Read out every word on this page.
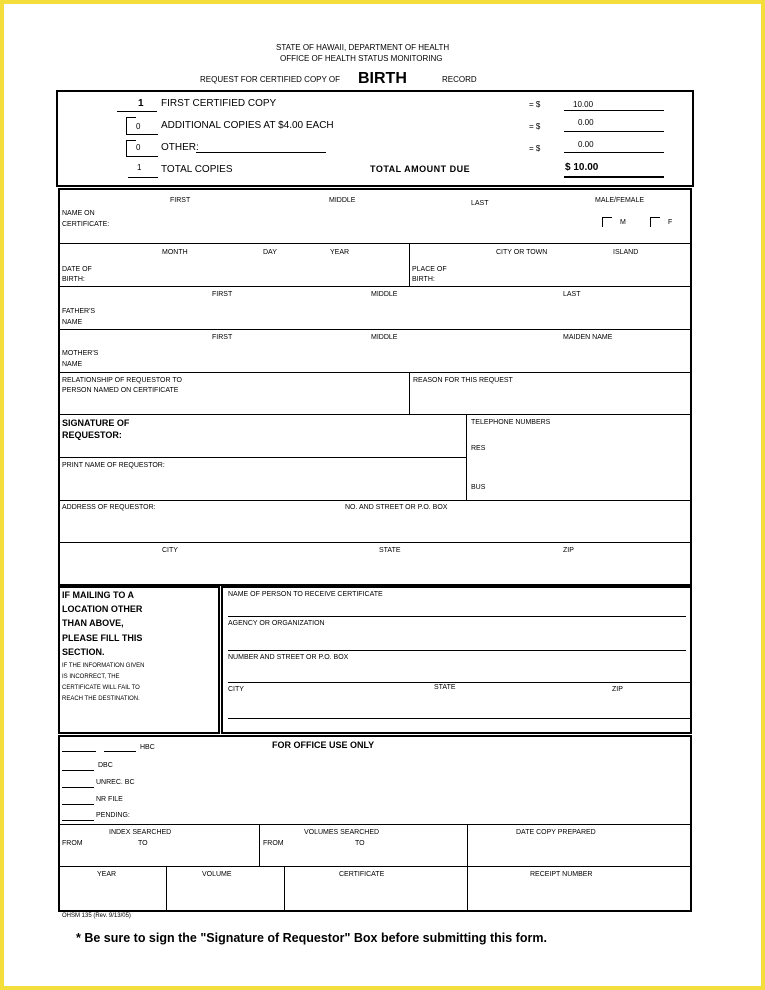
STATE OF HAWAII, DEPARTMENT OF HEALTH
OFFICE OF HEALTH STATUS MONITORING
REQUEST FOR CERTIFIED COPY OF BIRTH	RECORD
1 FIRST CERTIFIED COPY	= $	10.00
0 ADDITIONAL COPIES AT $4.00 EACH	= $	0.00
0 OTHER:	= $	0.00
1 TOTAL COPIES	TOTAL AMOUNT DUE	$ 10.00
FIRST	MIDDLE	LAST	MALE/FEMALE
NAME ON
CERTIFICATE:	M	F
MONTH	DAY	YEAR
DATE OF
BIRTH:
CITY OR TOWN	ISLAND
PLACE OF
BIRTH:
FIRST	MIDDLE	LAST
FATHER'S
NAME
FIRST	MIDDLE	MAIDEN NAME
MOTHER'S
NAME
RELATIONSHIP OF REQUESTOR TO
PERSON NAMED ON CERTIFICATE
REASON FOR THIS REQUEST
SIGNATURE OF
REQUESTOR:
TELEPHONE NUMBERS
RES
BUS
PRINT NAME OF REQUESTOR:
ADDRESS OF REQUESTOR:	NO. AND STREET OR P.O. BOX
CITY	STATE	ZIP
IF MAILING TO A
LOCATION OTHER
THAN ABOVE,
PLEASE FILL THIS
SECTION.
IF THE INFORMATION GIVEN
IS INCORRECT, THE
CERTIFICATE WILL FAIL TO
REACH THE DESTINATION.
NAME OF PERSON TO RECEIVE CERTIFICATE
AGENCY OR ORGANIZATION
NUMBER AND STREET OR P.O. BOX
CITY	STATE	ZIP
HBC	FOR OFFICE USE ONLY
DBC
UNREC. BC
NR FILE
PENDING:
INDEX SEARCHED
FROM	TO
VOLUMES SEARCHED
FROM	TO
DATE COPY PREPARED
YEAR	VOLUME	CERTIFICATE	RECEIPT NUMBER
OHSM 135 (Rev. 9/13/05)
* Be sure to sign the "Signature of Requestor" Box before submitting this form.
